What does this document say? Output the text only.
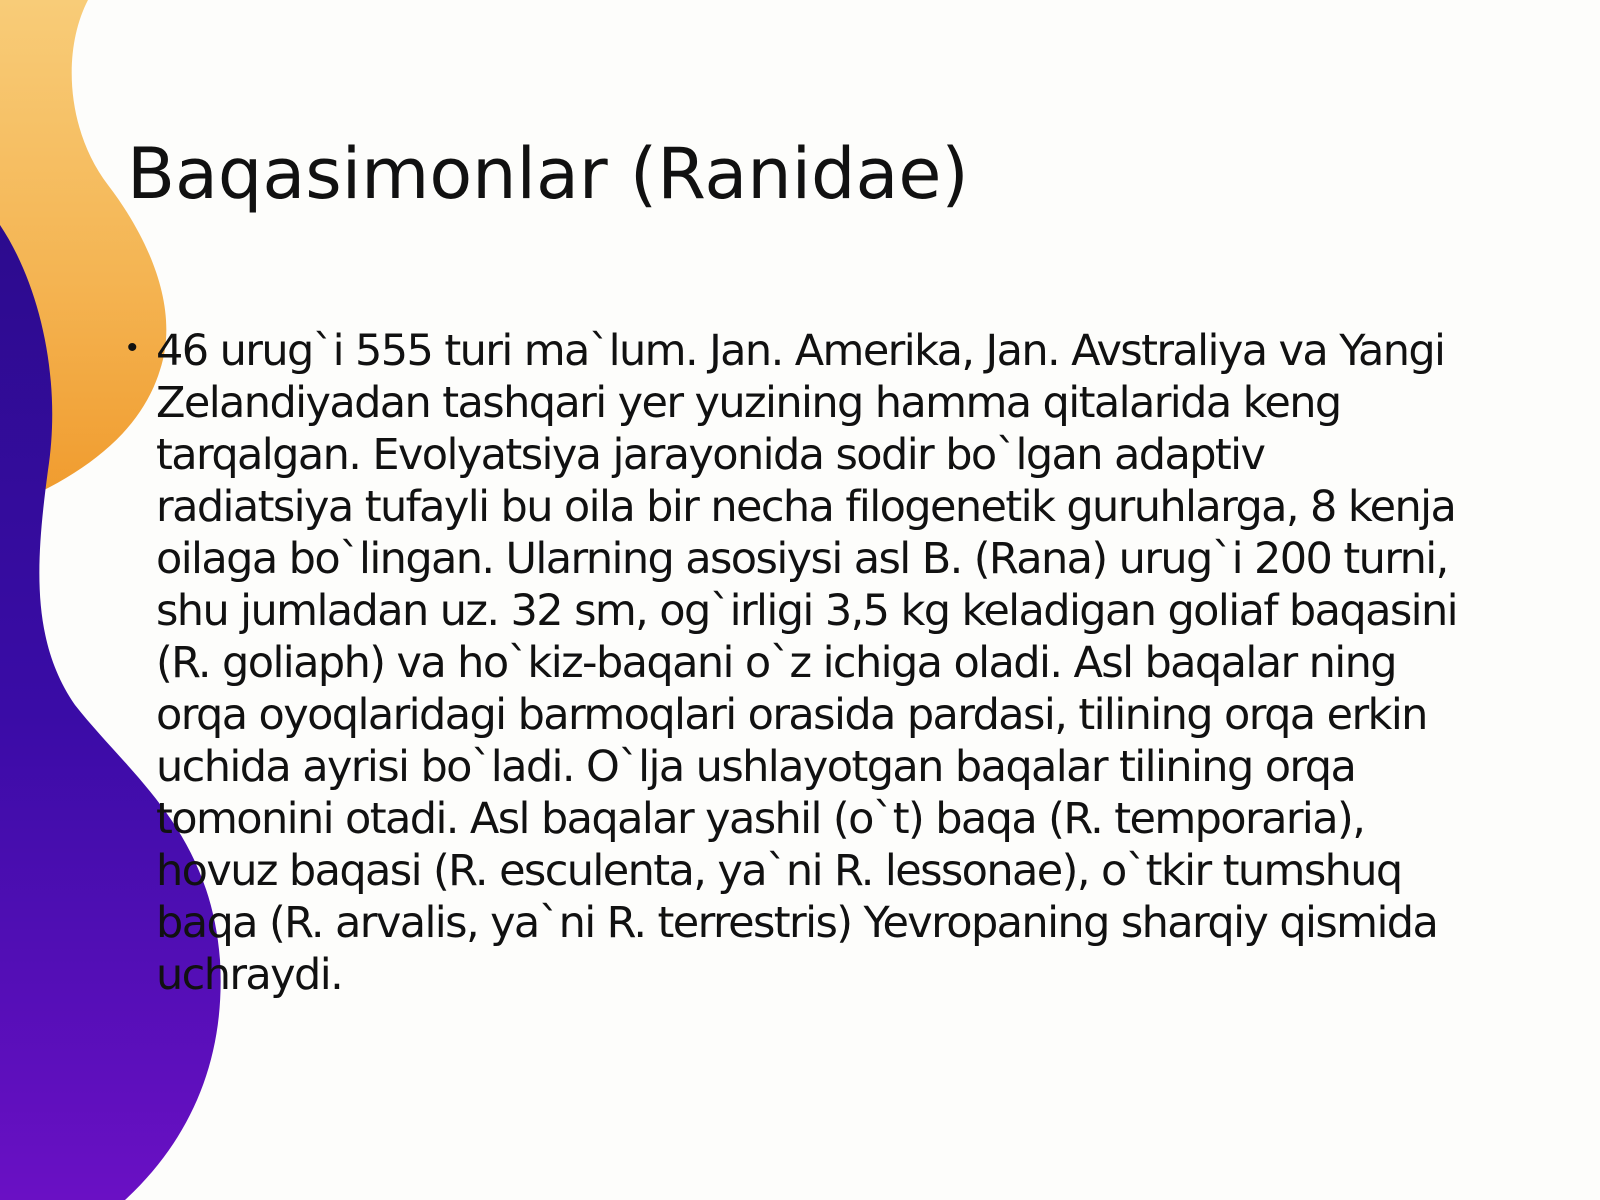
Baqasimonlar (Ranidae)
• 46 urug`i 555 turi ma`lum. Jan. Amerika, Jan. Avstraliya va Yangi Zelandiyadan tashqari yer yuzining hamma qitalarida keng tarqalgan. Evolyatsiya jarayonida sodir bo`lgan adaptiv radiatsiya tufayli bu oila bir necha filogenetik guruhlarga, 8 kenja oilaga bo`lingan. Ularning asosiysi asl B. (Rana) urug`i 200 turni, shu jumladan uz. 32 sm, og`irligi 3,5 kg keladigan goliaf baqasini (R. goliaph) va ho`kiz-baqani o`z ichiga oladi. Asl baqalar ning orqa oyoqlaridagi barmoqlari orasida pardasi, tilining orqa erkin uchida ayrisi bo`ladi. O`lja ushlayotgan baqalar tilining orqa tomonini otadi. Asl baqalar yashil (o`t) baqa (R. temporaria), hovuz baqasi (R. esculenta, ya`ni R. lessonae), o`tkir tumshuq baqa (R. arvalis, ya`ni R. terrestris) Yevropaning sharqiy qismida uchraydi.
